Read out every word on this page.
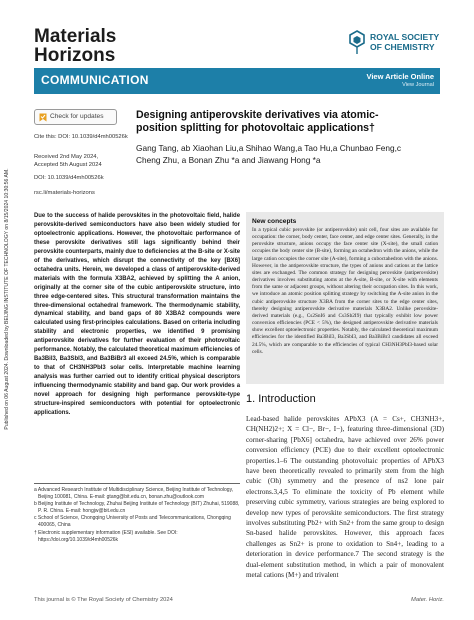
Published on 06 August 2024. Downloaded by BEIJING INSTITUTE OF TECHNOLOGY on 8/15/2024 10:30:56 AM.
Materials
Horizons
ROYAL SOCIETY
OF CHEMISTRY
COMMUNICATION	View Article Online
View Journal
Check for updates
Cite this: DOI: 10.1039/d4mh00526k
Received 2nd May 2024,
Accepted 5th August 2024
DOI: 10.1039/d4mh00526k
rsc.li/materials-horizons
Designing antiperovskite derivatives via atomic-
position splitting for photovoltaic applications†
Gang Tang, ab Xiaohan Liu,a Shihao Wang,a Tao Hu,a Chunbao Feng,c
Cheng Zhu, a Bonan Zhu *a and Jiawang Hong *a
Due to the success of halide perovskites in the photovoltaic field, halide perovskite-derived semiconductors have also been widely studied for optoelectronic applications. However, the photovoltaic performance of these perovskite derivatives still lags significantly behind their perovskite counterparts, mainly due to deficiencies at the B-site or X-site of the derivatives, which disrupt the connectivity of the key [BX6] octahedra units. Herein, we developed a class of antiperovskite-derived materials with the formula X3BA2, achieved by splitting the A anion, originally at the corner site of the cubic antiperovskite structure, into three edge-centered sites. This structural transformation maintains the three-dimensional octahedral framework. The thermodynamic stability, dynamical stability, and band gaps of 80 X3BA2 compounds were calculated using first-principles calculations. Based on criteria including stability and electronic properties, we identified 9 promising antiperovskite derivatives for further evaluation of their photovoltaic performance. Notably, the calculated theoretical maximum efficiencies of Ba3BiI3, Ba3SbI3, and Ba3BiBr3 all exceed 24.5%, which is comparable to that of CH3NH3PbI3 solar cells. Interpretable machine learning analysis was further carried out to identify critical physical descriptors influencing thermodynamic stability and band gap. Our work provides a novel approach for designing high performance perovskite-type structure-inspired semiconductors with potential for optoelectronic applications.
New concepts
In a typical cubic perovskite (or antiperovskite) unit cell, four sites are available for occupation: the corner, body center, face center, and edge center sites. Generally, in the perovskite structure, anions occupy the face center site (X-site), the small cation occupies the body center site (B-site), forming an octahedron with the anions, while the large cation occupies the corner site (A-site), forming a cuboctahedron with the anions. However, in the antiperovskite structure, the types of anions and cations at the lattice sites are exchanged. The common strategy for designing perovskite (antiperovskite) derivatives involves substituting atoms at the A-site, B-site, or X-site with elements from the same or adjacent groups, without altering their occupation sites. In this work, we introduce an atomic position splitting strategy by switching the A-site anion in the cubic antiperovskite structure X3BA from the corner sites to the edge center sites, thereby designing antiperovskite derivative materials X3BA2. Unlike perovskite-derived materials (e.g., Cs2SnI6 and Cs3Sb2I9) that typically exhibit low power conversion efficiencies (PCE < 5%), the designed antiperovskite derivative materials show excellent optoelectronic properties. Notably, the calculated theoretical maximum efficiencies for the identified Ba3BiI3, Ba3SbI3, and Ba3BiBr3 candidates all exceed 24.5%, which are comparable to the efficiencies of typical CH3NH3PbI3-based solar cells.
a Advanced Research Institute of Multidisciplinary Science, Beijing Institute of Technology, Beijing 100081, China. E-mail: gtang@bit.edu.cn, bonan.zhu@outlook.com
b Beijing Institute of Technology, Zhuhai Beijing Institute of Technology (BIT) Zhuhai, 519088, P. R. China. E-mail: hongjw@bit.edu.cn
c School of Science, Chongqing University of Posts and Telecommunications, Chongqing 400065, China
† Electronic supplementary information (ESI) available. See DOI: https://doi.org/10.1039/d4mh00526k
1. Introduction
Lead-based halide perovskites APbX3 (A = Cs+, CH3NH3+, CH(NH2)2+; X = Cl−, Br−, I−), featuring three-dimensional (3D) corner-sharing [PbX6] octahedra, have achieved over 26% power conversion efficiency (PCE) due to their excellent optoelectronic properties.1–6 The outstanding photovoltaic properties of APbX3 have been theoretically revealed to primarily stem from the high cubic (Oh) symmetry and the presence of ns2 lone pair electrons.3,4,5 To eliminate the toxicity of Pb element while preserving cubic symmetry, various strategies are being explored to develop new types of perovskite semiconductors. The first strategy involves substituting Pb2+ with Sn2+ from the same group to design Sn-based halide perovskites. However, this approach faces challenges as Sn2+ is prone to oxidation to Sn4+, leading to a deterioration in device performance.7 The second strategy is the dual-element substitution method, in which a pair of monovalent metal cations (M+) and trivalent
This journal is © The Royal Society of Chemistry 2024	Mater. Horiz.
